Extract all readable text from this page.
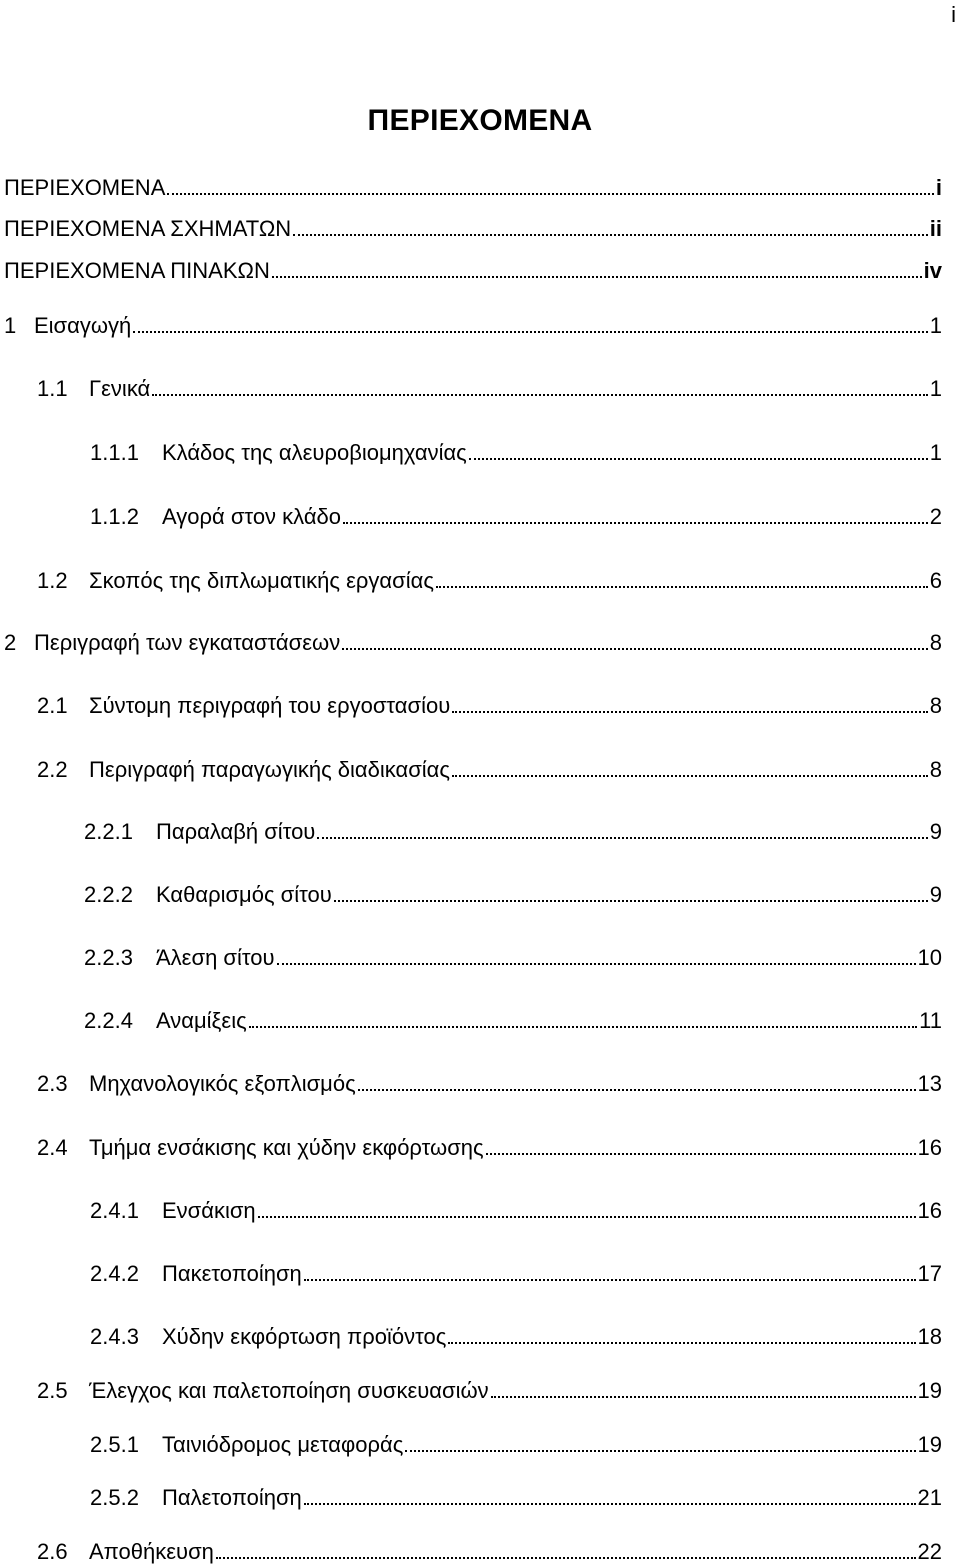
i
ΠΕΡΙΕΧΟΜΕΝΑ
ΠΕΡΙΕΧΟΜΕΝΑ	i
ΠΕΡΙΕΧΟΜΕΝΑ ΣΧΗΜΑΤΩΝ	ii
ΠΕΡΙΕΧΟΜΕΝΑ ΠΙΝΑΚΩΝ	iv
1 Εισαγωγή	1
1.1 Γενικά	1
1.1.1	Κλάδος της αλευροβιομηχανίας	1
1.1.2	Αγορά στον κλάδο	2
1.2 Σκοπός της διπλωματικής εργασίας	6
2 Περιγραφή των εγκαταστάσεων	8
2.1 Σύντομη περιγραφή του εργοστασίου	8
2.2 Περιγραφή παραγωγικής διαδικασίας	8
2.2.1	Παραλαβή σίτου	9
2.2.2	Καθαρισμός σίτου	9
2.2.3	Άλεση σίτου	10
2.2.4	Αναμίξεις	11
2.3 Μηχανολογικός εξοπλισμός	13
2.4 Τμήμα ενσάκισης και χύδην εκφόρτωσης	16
2.4.1	Ενσάκιση	16
2.4.2	Πακετοποίηση	17
2.4.3	Χύδην εκφόρτωση προϊόντος	18
2.5 Έλεγχος και παλετοποίηση συσκευασιών	19
2.5.1	Ταινιόδρομος μεταφοράς	19
2.5.2	Παλετοποίηση	21
2.6 Αποθήκευση	22
